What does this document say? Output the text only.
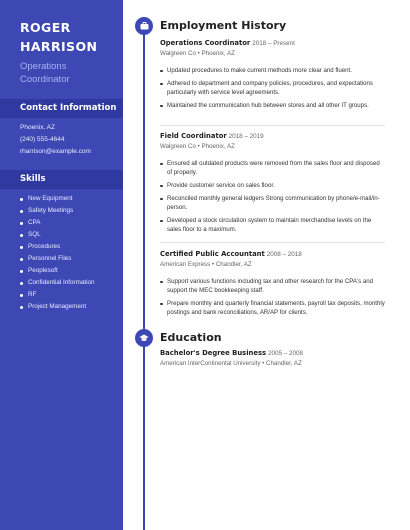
ROGER
HARRISON
Operations
Coordinator
Contact Information
Phoenix, AZ
(240) 555-4644
rharrison@example.com
Skills
New Equipment
Safety Meetings
CPA
SQL
Procedures
Personnel Files
Peoplesoft
Confidential Information
RF
Project Management
Employment History
Operations Coordinator 2018 – Present
Walgreen Co • Phoenix, AZ
Updated procedures to make current methods more clear and fluent.
Adhered to department and company policies, procedures, and expectations particularly with service level agreements.
Maintained the communication hub between stores and all other IT groups.
Field Coordinator 2018 – 2019
Walgreen Co • Phoenix, AZ
Ensured all outdated products were removed from the sales floor and disposed of properly.
Provide customer service on sales floor.
Reconciled monthly general ledgers Strong communication by phone/e-mail/in-person.
Developed a stock circulation system to maintain merchandise levels on the sales floor to a maximum.
Certified Public Accountant 2008 – 2018
American Express • Chandler, AZ
Support various functions including tax and other research for the CPA's and support the MEC bookkeeping staff.
Prepare monthly and quarterly financial statements, payroll tax deposits, monthly postings and bank reconciliations, AR/AP for clients.
Education
Bachelor's Degree Business 2005 – 2008
American InterContinental University • Chandler, AZ
